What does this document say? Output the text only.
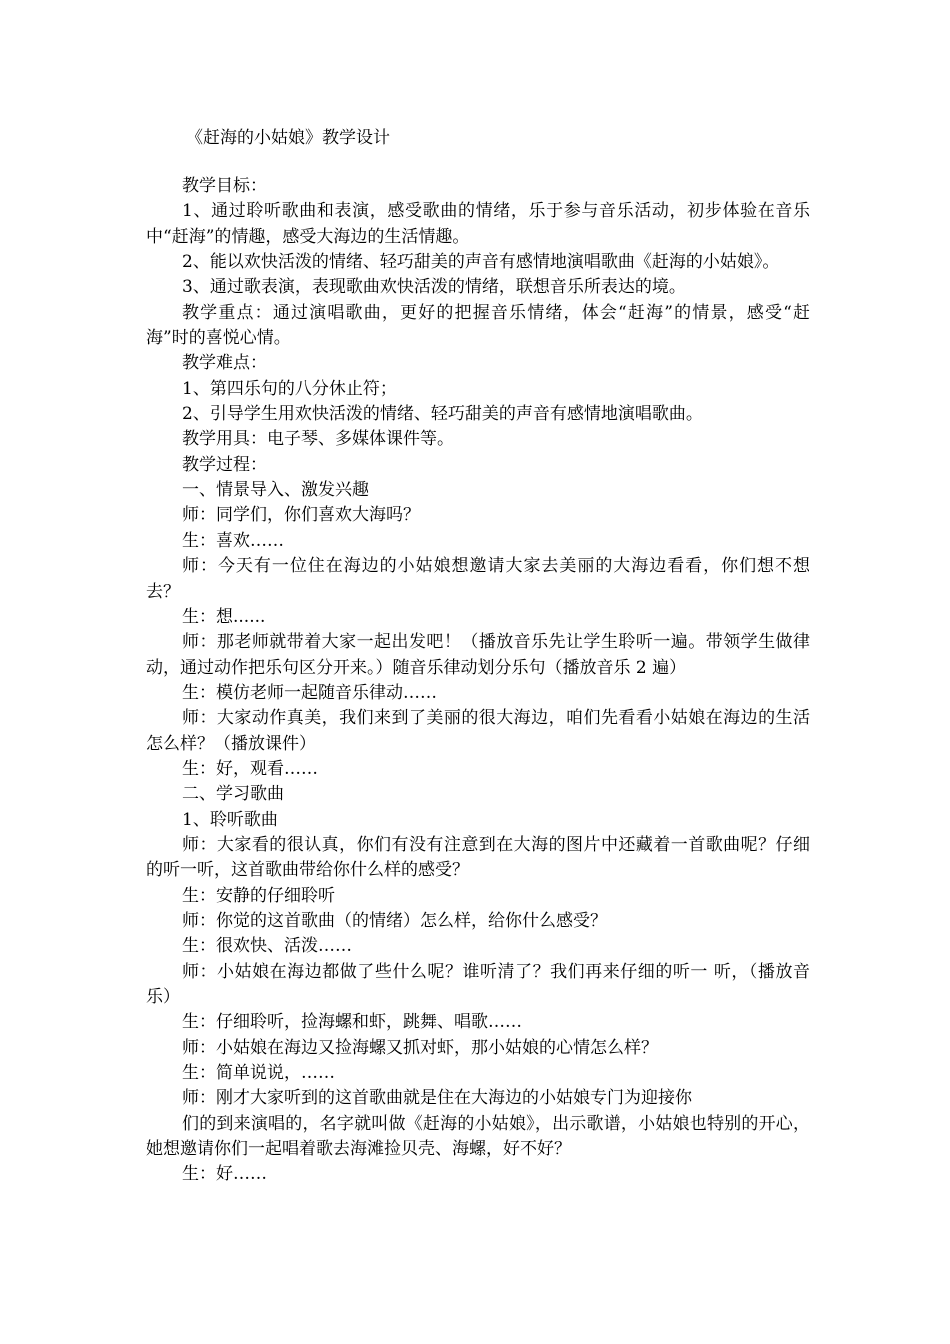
《赶海的小姑娘》教学设计

教学目标：

1、通过聆听歌曲和表演，感受歌曲的情绪，乐于参与音乐活动，初步体验在音乐中“赶海”的情趣，感受大海边的生活情趣。

2、能以欢快活泼的情绪、轻巧甜美的声音有感情地演唱歌曲《赶海的小姑娘》。

3、通过歌表演，表现歌曲欢快活泼的情绪，联想音乐所表达的境。

教学重点：通过演唱歌曲，更好的把握音乐情绪，体会“赶海”的情景，感受“赶海”时的喜悦心情。

教学难点：

1、第四乐句的八分休止符；

2、引导学生用欢快活泼的情绪、轻巧甜美的声音有感情地演唱歌曲。

教学用具：电子琴、多媒体课件等。

教学过程：

一、情景导入、激发兴趣

师：同学们，你们喜欢大海吗？

生：喜欢……

师：今天有一位住在海边的小姑娘想邀请大家去美丽的大海边看看，你们想不想去？

生：想......

师：那老师就带着大家一起出发吧！（播放音乐先让学生聆听一遍。带领学生做律动，通过动作把乐句区分开来。）随音乐律动划分乐句（播放音乐 2 遍）

生：模仿老师一起随音乐律动……

师：大家动作真美，我们来到了美丽的很大海边，咱们先看看小姑娘在海边的生活怎么样？（播放课件）

生：好，观看……

二、学习歌曲

1、聆听歌曲

师：大家看的很认真，你们有没有注意到在大海的图片中还藏着一首歌曲呢？仔细的听一听，这首歌曲带给你什么样的感受？

生：安静的仔细聆听

师：你觉的这首歌曲（的情绪）怎么样，给你什么感受？

生：很欢快、活泼……

师：小姑娘在海边都做了些什么呢？谁听清了？我们再来仔细的听一 听，（播放音乐）

生：仔细聆听，捡海螺和虾，跳舞、唱歌……

师：小姑娘在海边又捡海螺又抓对虾，那小姑娘的心情怎么样？

生：简单说说，……

师：刚才大家听到的这首歌曲就是住在大海边的小姑娘专门为迎接你

们的到来演唱的，名字就叫做《赶海的小姑娘》，出示歌谱，小姑娘也特别的开心，她想邀请你们一起唱着歌去海滩捡贝壳、海螺，好不好？

生：好……
